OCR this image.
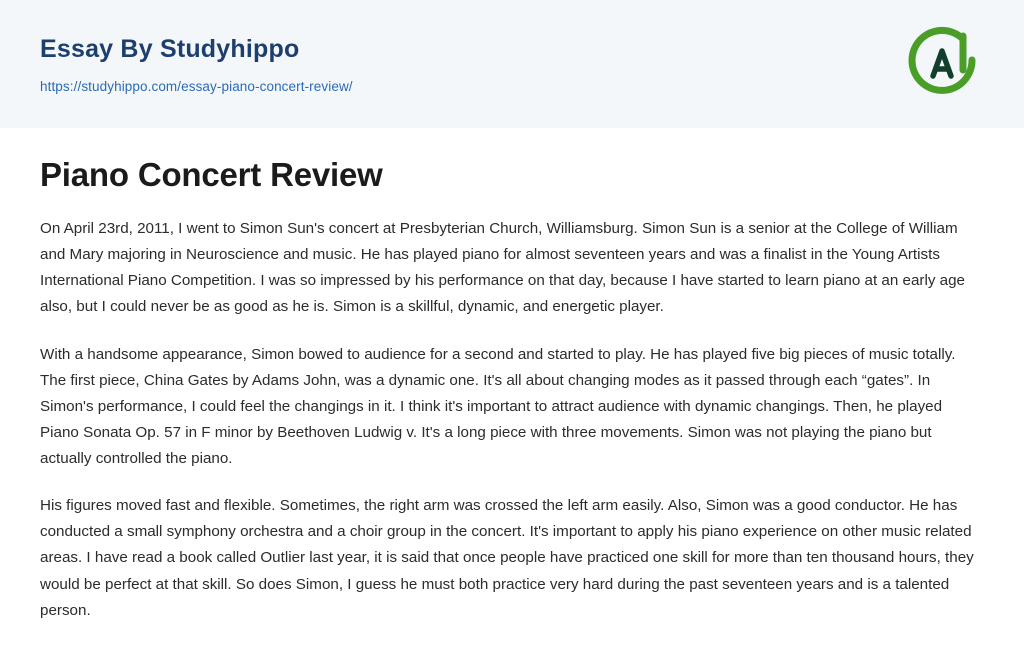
Essay By Studyhippo
https://studyhippo.com/essay-piano-concert-review/
Piano Concert Review

On April 23rd, 2011, I went to Simon Sun's concert at Presbyterian Church, Williamsburg. Simon Sun is a senior at the College of William and Mary majoring in Neuroscience and music. He has played piano for almost seventeen years and was a finalist in the Young Artists International Piano Competition. I was so impressed by his performance on that day, because I have started to learn piano at an early age also, but I could never be as good as he is. Simon is a skillful, dynamic, and energetic player.

With a handsome appearance, Simon bowed to audience for a second and started to play. He has played five big pieces of music totally. The first piece, China Gates by Adams John, was a dynamic one. It's all about changing modes as it passed through each “gates”. In Simon's performance, I could feel the changings in it. I think it's important to attract audience with dynamic changings. Then, he played Piano Sonata Op. 57 in F minor by Beethoven Ludwig v. It's a long piece with three movements. Simon was not playing the piano but actually controlled the piano.

His figures moved fast and flexible. Sometimes, the right arm was crossed the left arm easily. Also, Simon was a good conductor. He has conducted a small symphony orchestra and a choir group in the concert. It's important to apply his piano experience on other music related areas. I have read a book called Outlier last year, it is said that once people have practiced one skill for more than ten thousand hours, they would be perfect at that skill. So does Simon, I guess he must both practice very hard during the past seventeen years and is a talented person.
